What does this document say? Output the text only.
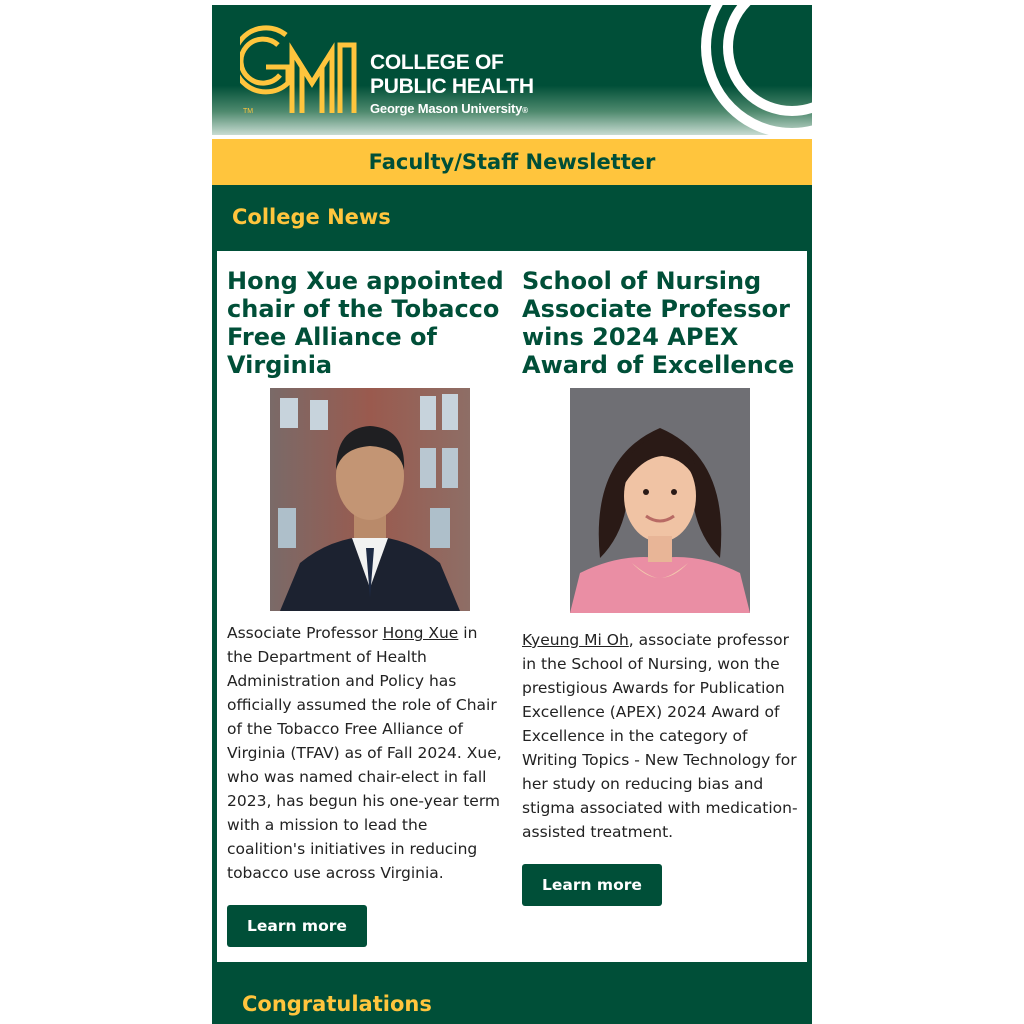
TM
COLLEGE OF
PUBLIC HEALTH
George Mason University®
Faculty/Staff Newsletter
College News
Hong Xue appointed chair of the Tobacco Free Alliance of Virginia

Associate Professor Hong Xue in the Department of Health Administration and Policy has officially assumed the role of Chair of the Tobacco Free Alliance of Virginia (TFAV) as of Fall 2024. Xue, who was named chair-elect in fall 2023, has begun his one-year term with a mission to lead the coalition's initiatives in reducing tobacco use across Virginia.

Learn more
School of Nursing Associate Professor wins 2024 APEX Award of Excellence

Kyeung Mi Oh, associate professor in the School of Nursing, won the prestigious Awards for Publication Excellence (APEX) 2024 Award of Excellence in the category of Writing Topics - New Technology for her study on reducing bias and stigma associated with medication-assisted treatment.

Learn more
Congratulations
